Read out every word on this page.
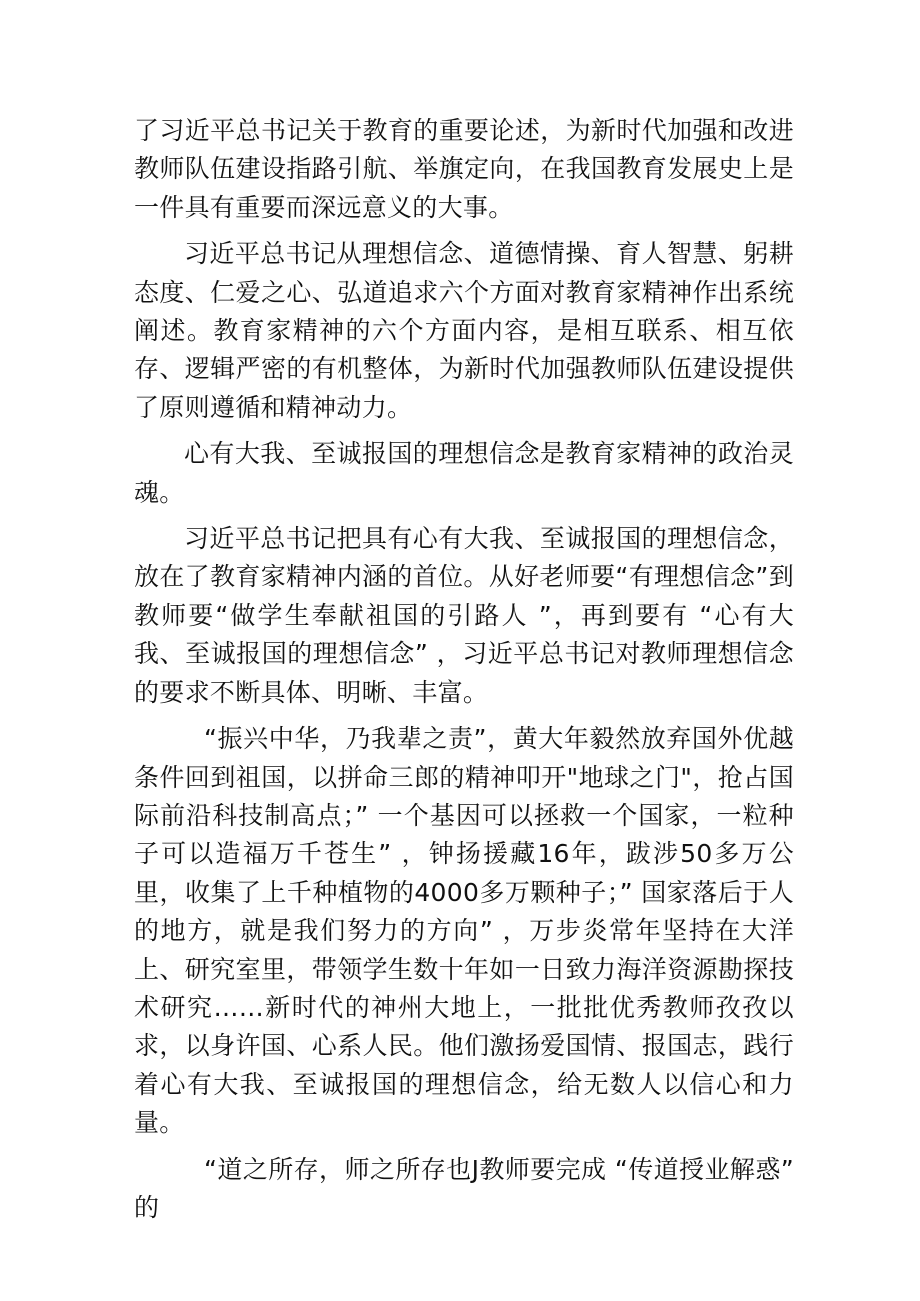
了习近平总书记关于教育的重要论述，为新时代加强和改进教师队伍建设指路引航、举旗定向，在我国教育发展史上是一件具有重要而深远意义的大事。

习近平总书记从理想信念、道德情操、育人智慧、躬耕态度、仁爱之心、弘道追求六个方面对教育家精神作出系统阐述。教育家精神的六个方面内容，是相互联系、相互依存、逻辑严密的有机整体，为新时代加强教师队伍建设提供了原则遵循和精神动力。

心有大我、至诚报国的理想信念是教育家精神的政治灵魂。

习近平总书记把具有心有大我、至诚报国的理想信念，放在了教育家精神内涵的首位。从好老师要“有理想信念”到教师要“做学生奉献祖国的引路人 ”，再到要有 “心有大我、至诚报国的理想信念” ，习近平总书记对教师理想信念的要求不断具体、明晰、丰富。

“振兴中华，乃我辈之责”，黄大年毅然放弃国外优越条件回到祖国，以拼命三郎的精神叩开"地球之门"，抢占国际前沿科技制高点；” 一个基因可以拯救一个国家，一粒种子可以造福万千苍生” ，钟扬援藏16年，跋涉50多万公里，收集了上千种植物的4000多万颗种子；” 国家落后于人的地方，就是我们努力的方向” ，万步炎常年坚持在大洋上、研究室里，带领学生数十年如一日致力海洋资源勘探技术研究……新时代的神州大地上，一批批优秀教师孜孜以求，以身许国、心系人民。他们激扬爱国情、报国志，践行着心有大我、至诚报国的理想信念，给无数人以信心和力量。

“道之所存，师之所存也J教师要完成 “传道授业解惑” 的
